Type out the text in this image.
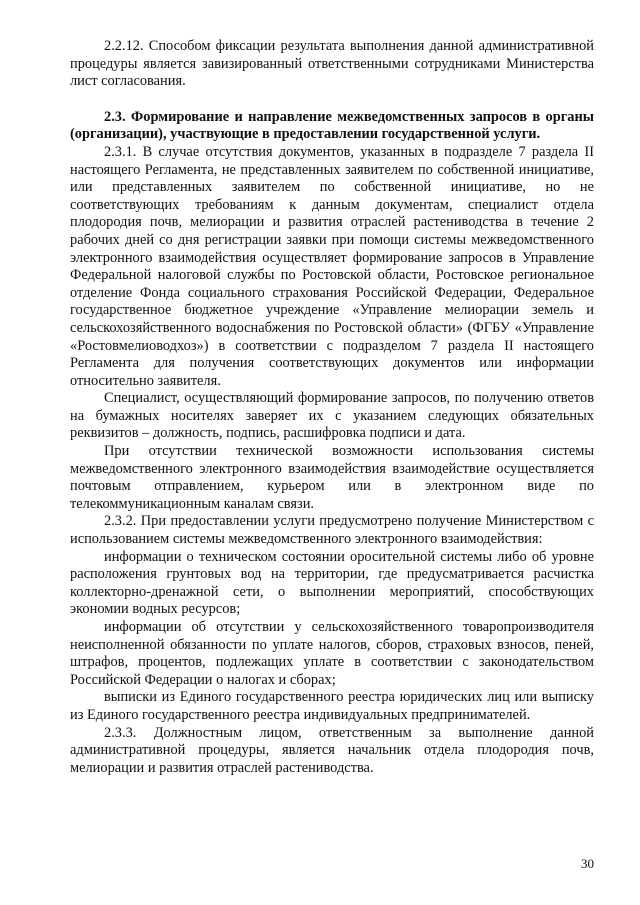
2.2.12. Способом фиксации результата выполнения данной административной процедуры является завизированный ответственными сотрудниками Министерства лист согласования.

2.3. Формирование и направление межведомственных запросов в органы (организации), участвующие в предоставлении государственной услуги.

2.3.1. В случае отсутствия документов, указанных в подразделе 7 раздела II настоящего Регламента, не представленных заявителем по собственной инициативе, или представленных заявителем по собственной инициативе, но не соответствующих требованиям к данным документам, специалист отдела плодородия почв, мелиорации и развития отраслей растениводства в течение 2 рабочих дней со дня регистрации заявки при помощи системы межведомственного электронного взаимодействия осуществляет формирование запросов в Управление Федеральной налоговой службы по Ростовской области, Ростовское региональное отделение Фонда социального страхования Российской Федерации, Федеральное государственное бюджетное учреждение «Управление мелиорации земель и сельскохозяйственного водоснабжения по Ростовской области» (ФГБУ «Управление «Ростовмелиоводхоз») в соответствии с подразделом 7 раздела II настоящего Регламента для получения соответствующих документов или информации относительно заявителя.

Специалист, осуществляющий формирование запросов, по получению ответов на бумажных носителях заверяет их с указанием следующих обязательных реквизитов – должность, подпись, расшифровка подписи и дата.

При отсутствии технической возможности использования системы межведомственного электронного взаимодействия взаимодействие осуществляется почтовым отправлением, курьером или в электронном виде по телекоммуникационным каналам связи.

2.3.2. При предоставлении услуги предусмотрено получение Министерством с использованием системы межведомственного электронного взаимодействия:

информации о техническом состоянии оросительной системы либо об уровне расположения грунтовых вод на территории, где предусматривается расчистка коллекторно-дренажной сети, о выполнении мероприятий, способствующих экономии водных ресурсов;

информации об отсутствии у сельскохозяйственного товаропроизводителя неисполненной обязанности по уплате налогов, сборов, страховых взносов, пеней, штрафов, процентов, подлежащих уплате в соответствии с законодательством Российской Федерации о налогах и сборах;

выписки из Единого государственного реестра юридических лиц или выписку из Единого государственного реестра индивидуальных предпринимателей.

2.3.3. Должностным лицом, ответственным за выполнение данной административной процедуры, является начальник отдела плодородия почв, мелиорации и развития отраслей растениводства.

30
